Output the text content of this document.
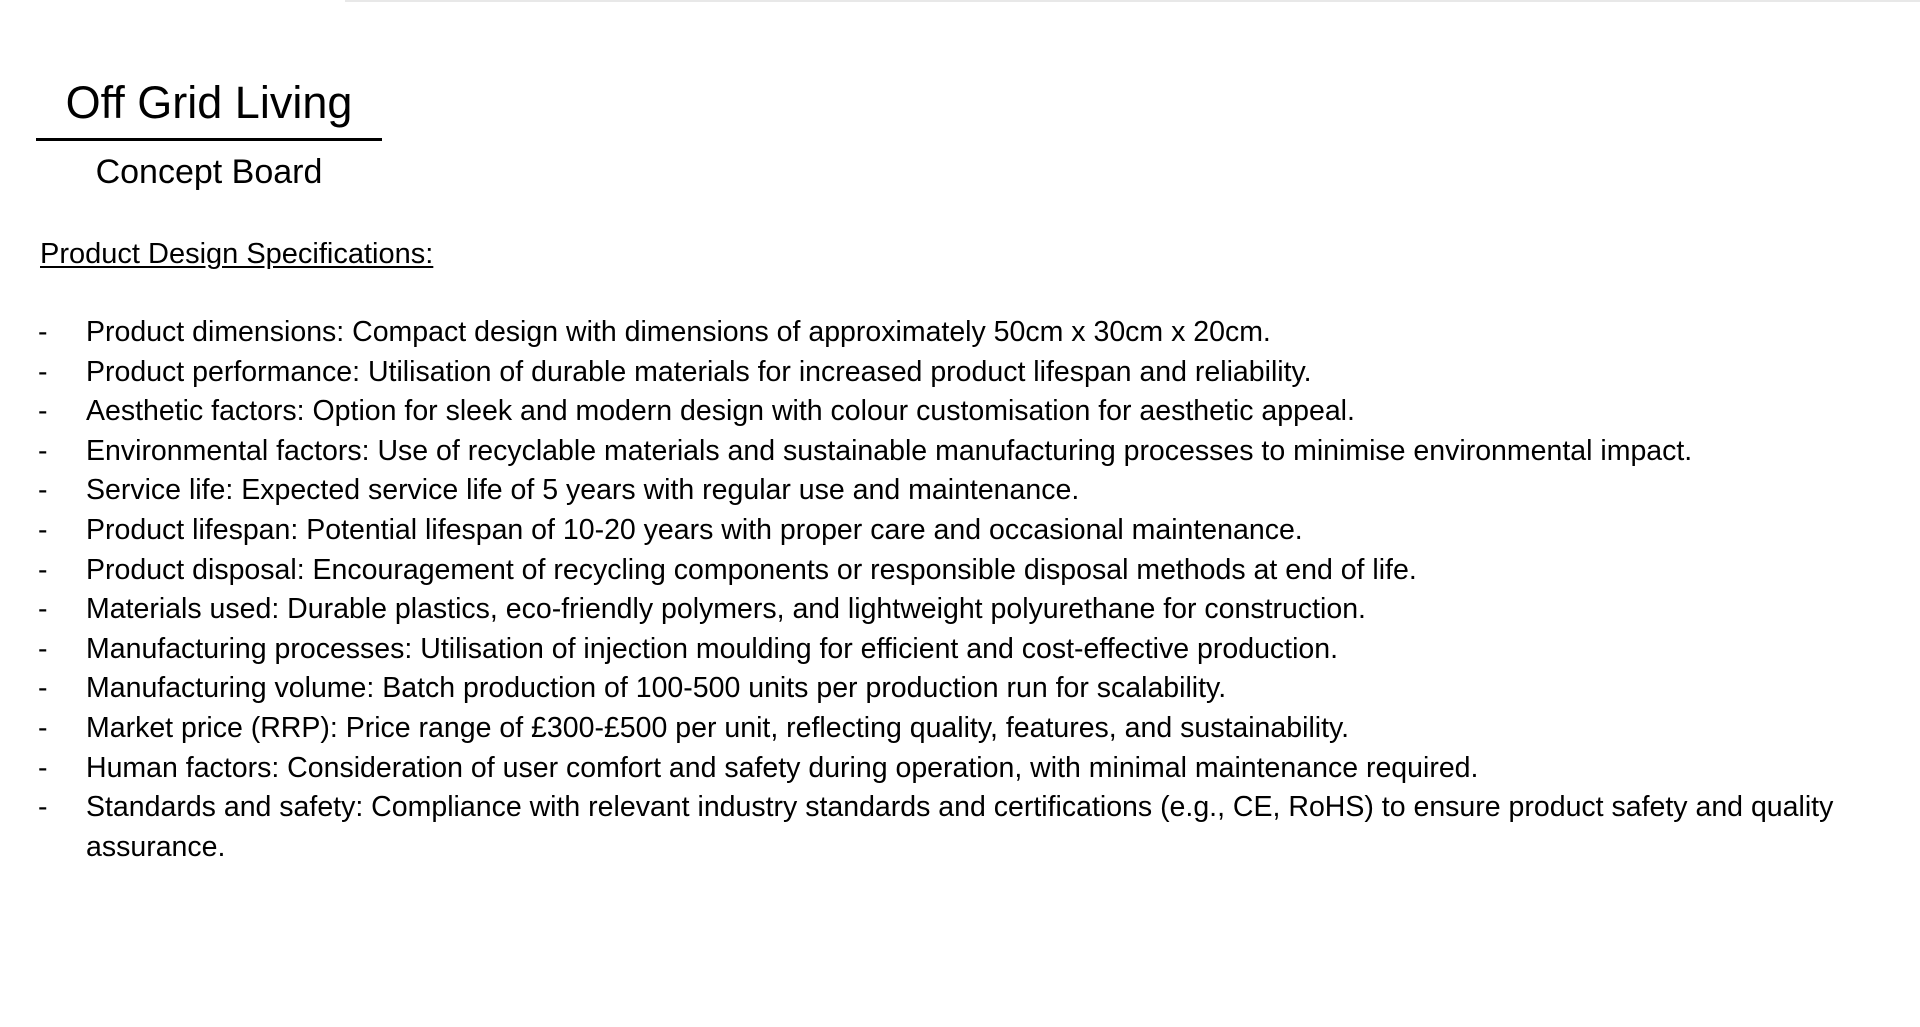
Off Grid Living
Concept Board
Product Design Specifications:
-	Product dimensions: Compact design with dimensions of approximately 50cm x 30cm x 20cm.
-	Product performance: Utilisation of durable materials for increased product lifespan and reliability.
-	Aesthetic factors: Option for sleek and modern design with colour customisation for aesthetic appeal.
-	Environmental factors: Use of recyclable materials and sustainable manufacturing processes to minimise environmental impact.
-	Service life: Expected service life of 5 years with regular use and maintenance.
-	Product lifespan: Potential lifespan of 10-20 years with proper care and occasional maintenance.
-	Product disposal: Encouragement of recycling components or responsible disposal methods at end of life.
-	Materials used: Durable plastics, eco-friendly polymers, and lightweight polyurethane for construction.
-	Manufacturing processes: Utilisation of injection moulding for efficient and cost-effective production.
-	Manufacturing volume: Batch production of 100-500 units per production run for scalability.
-	Market price (RRP): Price range of £300-£500 per unit, reflecting quality, features, and sustainability.
-	Human factors: Consideration of user comfort and safety during operation, with minimal maintenance required.
-	Standards and safety: Compliance with relevant industry standards and certifications (e.g., CE, RoHS) to ensure product safety and quality assurance.
